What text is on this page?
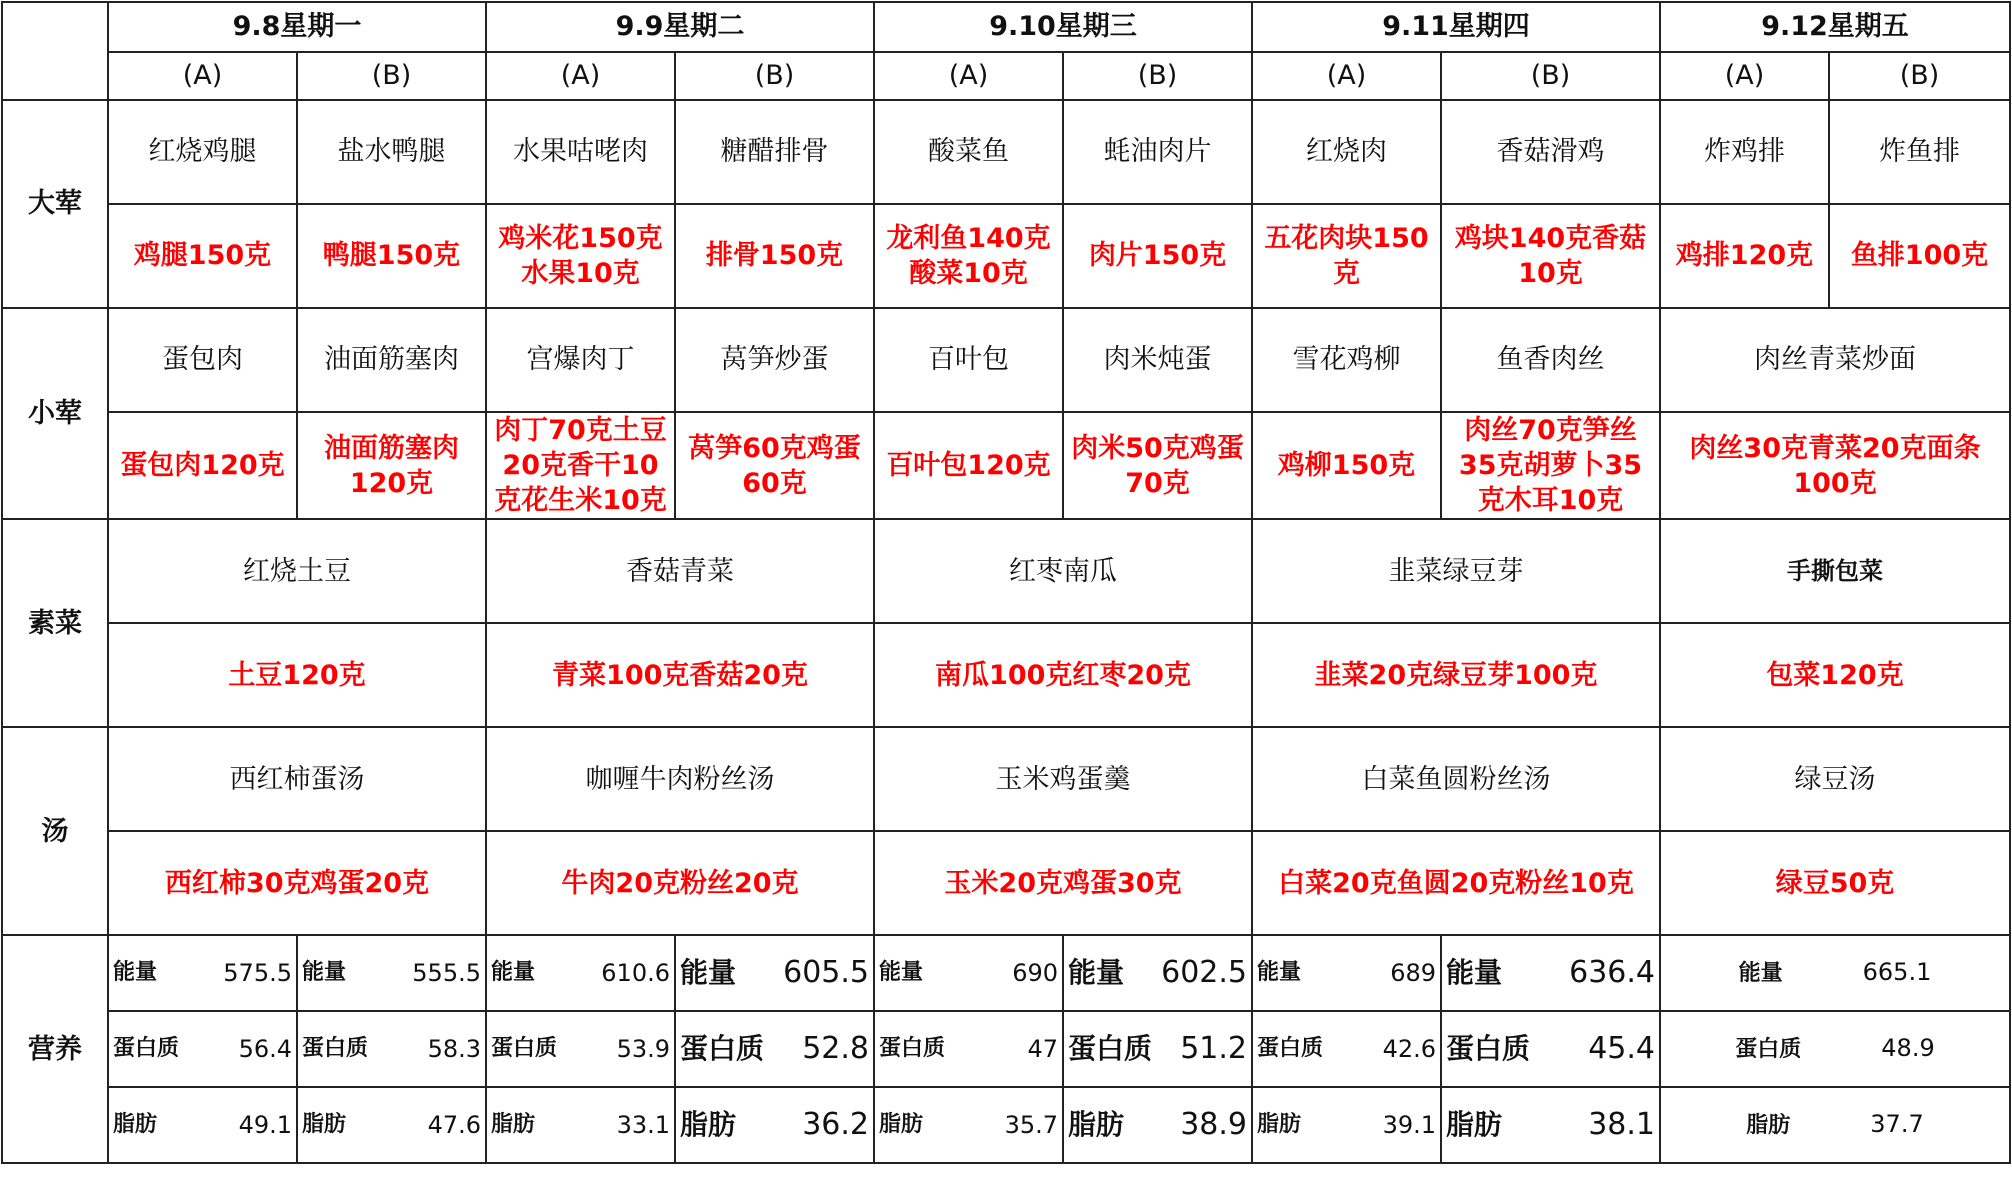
	9.8星期一		9.9星期二		9.10星期三		9.11星期四		9.12星期五	
	(A)	(B)	(A)	(B)	(A)	(B)	(A)	(B)	(A)	(B)
大荤	红烧鸡腿	盐水鸭腿	水果咕咾肉	糖醋排骨	酸菜鱼	蚝油肉片	红烧肉	香菇滑鸡	炸鸡排	炸鱼排
	鸡腿150克	鸭腿150克	鸡米花150克水果10克	排骨150克	龙利鱼140克酸菜10克	肉片150克	五花肉块150克	鸡块140克香菇10克	鸡排120克	鱼排100克
小荤	蛋包肉	油面筋塞肉	宫爆肉丁	莴笋炒蛋	百叶包	肉米炖蛋	雪花鸡柳	鱼香肉丝	肉丝青菜炒面	
	蛋包肉120克	油面筋塞肉120克	肉丁70克土豆20克香干10克花生米10克	莴笋60克鸡蛋60克	百叶包120克	肉米50克鸡蛋70克	鸡柳150克	肉丝70克笋丝35克胡萝卜35克木耳10克	肉丝30克青菜20克面条100克	
素菜	红烧土豆		香菇青菜		红枣南瓜		韭菜绿豆芽		手撕包菜	
	土豆120克		青菜100克香菇20克		南瓜100克红枣20克		韭菜20克绿豆芽100克		包菜120克	
汤	西红柿蛋汤		咖喱牛肉粉丝汤		玉米鸡蛋羹		白菜鱼圆粉丝汤		绿豆汤	
	西红柿30克鸡蛋20克		牛肉20克粉丝20克		玉米20克鸡蛋30克		白菜20克鱼圆20克粉丝10克		绿豆50克	
营养	能量 575.5	能量 555.5	能量 610.6	能量 605.5	能量 690	能量 602.5	能量 689	能量 636.4	能量 665.1	

	蛋白质 56.4	蛋白质 58.3	蛋白质 53.9	蛋白质 52.8	蛋白质 47	蛋白质 51.2	蛋白质 42.6	蛋白质 45.4	蛋白质 48.9	

	脂肪 49.1	脂肪 47.6	脂肪 33.1	脂肪 36.2	脂肪 35.7	脂肪 38.9	脂肪 39.1	脂肪 38.1	脂肪 37.7	
